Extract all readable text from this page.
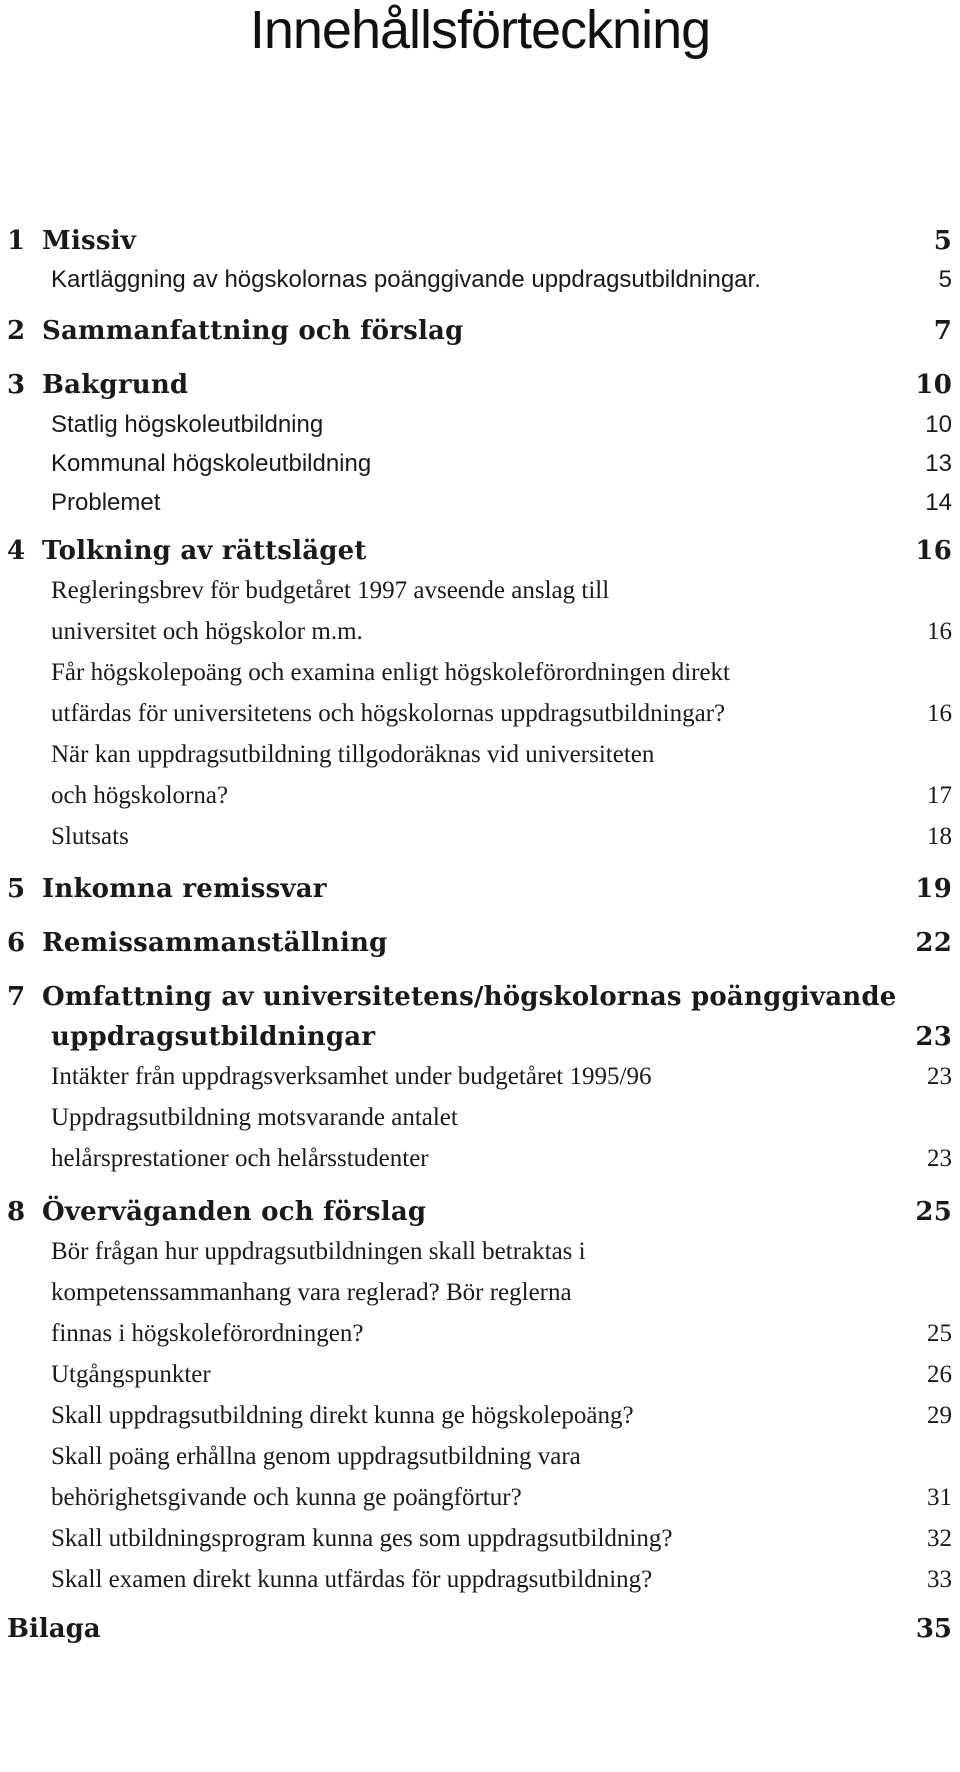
Innehållsförteckning
1 Missiv	5
Kartläggning av högskolornas poänggivande uppdragsutbildningar.	5
2 Sammanfattning och förslag	7
3 Bakgrund	10
Statlig högskoleutbildning	10
Kommunal högskoleutbildning	13
Problemet	14
4 Tolkning av rättsläget	16
Regleringsbrev för budgetåret 1997 avseende anslag till
universitet och högskolor m.m.	16
Får högskolepoäng och examina enligt högskoleförordningen direkt
utfärdas för universitetens och högskolornas uppdragsutbildningar?	16
När kan uppdragsutbildning tillgodoräknas vid universiteten
och högskolorna?	17
Slutsats	18
5 Inkomna remissvar	19
6 Remissammanställning	22
7 Omfattning av universitetens/högskolornas poänggivande
uppdragsutbildningar	23
Intäkter från uppdragsverksamhet under budgetåret 1995/96	23
Uppdragsutbildning motsvarande antalet
helårsprestationer och helårsstudenter	23
8 Överväganden och förslag	25
Bör frågan hur uppdragsutbildningen skall betraktas i
kompetenssammanhang vara reglerad? Bör reglerna
finnas i högskoleförordningen?	25
Utgångspunkter	26
Skall uppdragsutbildning direkt kunna ge högskolepoäng?	29
Skall poäng erhållna genom uppdragsutbildning vara
behörighetsgivande och kunna ge poängförtur?	31
Skall utbildningsprogram kunna ges som uppdragsutbildning?	32
Skall examen direkt kunna utfärdas för uppdragsutbildning?	33
Bilaga	35
